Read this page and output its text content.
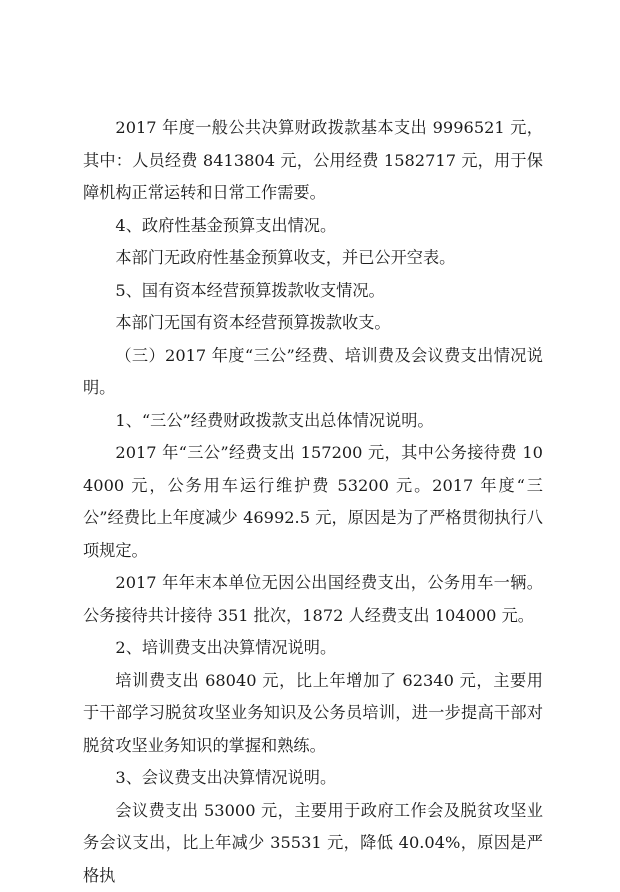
2017 年度一般公共决算财政拨款基本支出 9996521 元，其中：人员经费 8413804 元，公用经费 1582717 元，用于保障机构正常运转和日常工作需要。

4、政府性基金预算支出情况。

本部门无政府性基金预算收支，并已公开空表。

5、国有资本经营预算拨款收支情况。

本部门无国有资本经营预算拨款收支。

（三）2017 年度“三公”经费、培训费及会议费支出情况说明。

1、“三公”经费财政拨款支出总体情况说明。

2017 年“三公”经费支出 157200 元，其中公务接待费 104000 元，公务用车运行维护费 53200 元。2017 年度“三公”经费比上年度减少 46992.5 元，原因是为了严格贯彻执行八项规定。

2017 年年末本单位无因公出国经费支出，公务用车一辆。公务接待共计接待 351 批次，1872 人经费支出 104000 元。

2、培训费支出决算情况说明。

培训费支出 68040 元，比上年增加了 62340 元，主要用于干部学习脱贫攻坚业务知识及公务员培训，进一步提高干部对脱贫攻坚业务知识的掌握和熟练。

3、会议费支出决算情况说明。

会议费支出 53000 元，主要用于政府工作会及脱贫攻坚业务会议支出，比上年减少 35531 元，降低 40.04%，原因是严格执
